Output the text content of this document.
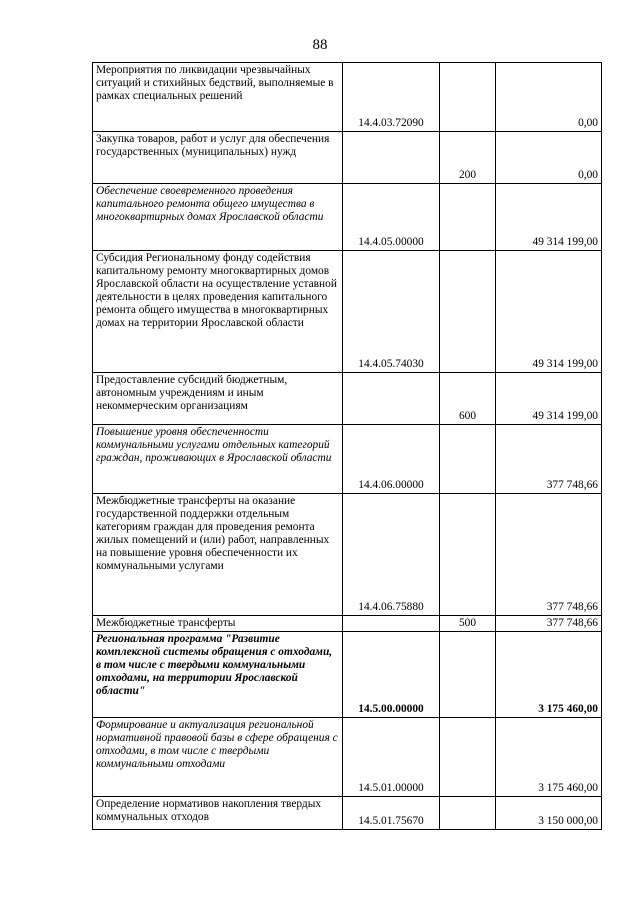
88
Мероприятия по ликвидации чрезвычайных ситуаций и стихийных бедствий, выполняемые в рамках специальных решений	14.4.03.72090		0,00
Закупка товаров, работ и услуг для обеспечения государственных (муниципальных) нужд		200	0,00
Обеспечение своевременного проведения капитального ремонта общего имущества в многоквартирных домах Ярославской области	14.4.05.00000		49 314 199,00
Субсидия Региональному фонду содействия капитальному ремонту многоквартирных домов Ярославской области на осуществление уставной деятельности в целях проведения капитального ремонта общего имущества в многоквартирных домах на территории Ярославской области	14.4.05.74030		49 314 199,00
Предоставление субсидий бюджетным, автономным учреждениям и иным некоммерческим организациям		600	49 314 199,00
Повышение уровня обеспеченности коммунальными услугами отдельных категорий граждан, проживающих в Ярославской области	14.4.06.00000		377 748,66
Межбюджетные трансферты на оказание государственной поддержки отдельным категориям граждан для проведения ремонта жилых помещений и (или) работ, направленных на повышение уровня обеспеченности их коммунальными услугами	14.4.06.75880		377 748,66
Межбюджетные трансферты		500	377 748,66
Региональная программа "Развитие комплексной системы обращения с отходами, в том числе с твердыми коммунальными отходами, на территории Ярославской области"	14.5.00.00000		3 175 460,00
Формирование и актуализация региональной нормативной правовой базы в сфере обращения с отходами, в том числе с твердыми коммунальными отходами	14.5.01.00000		3 175 460,00
Определение нормативов накопления твердых коммунальных отходов	14.5.01.75670		3 150 000,00
